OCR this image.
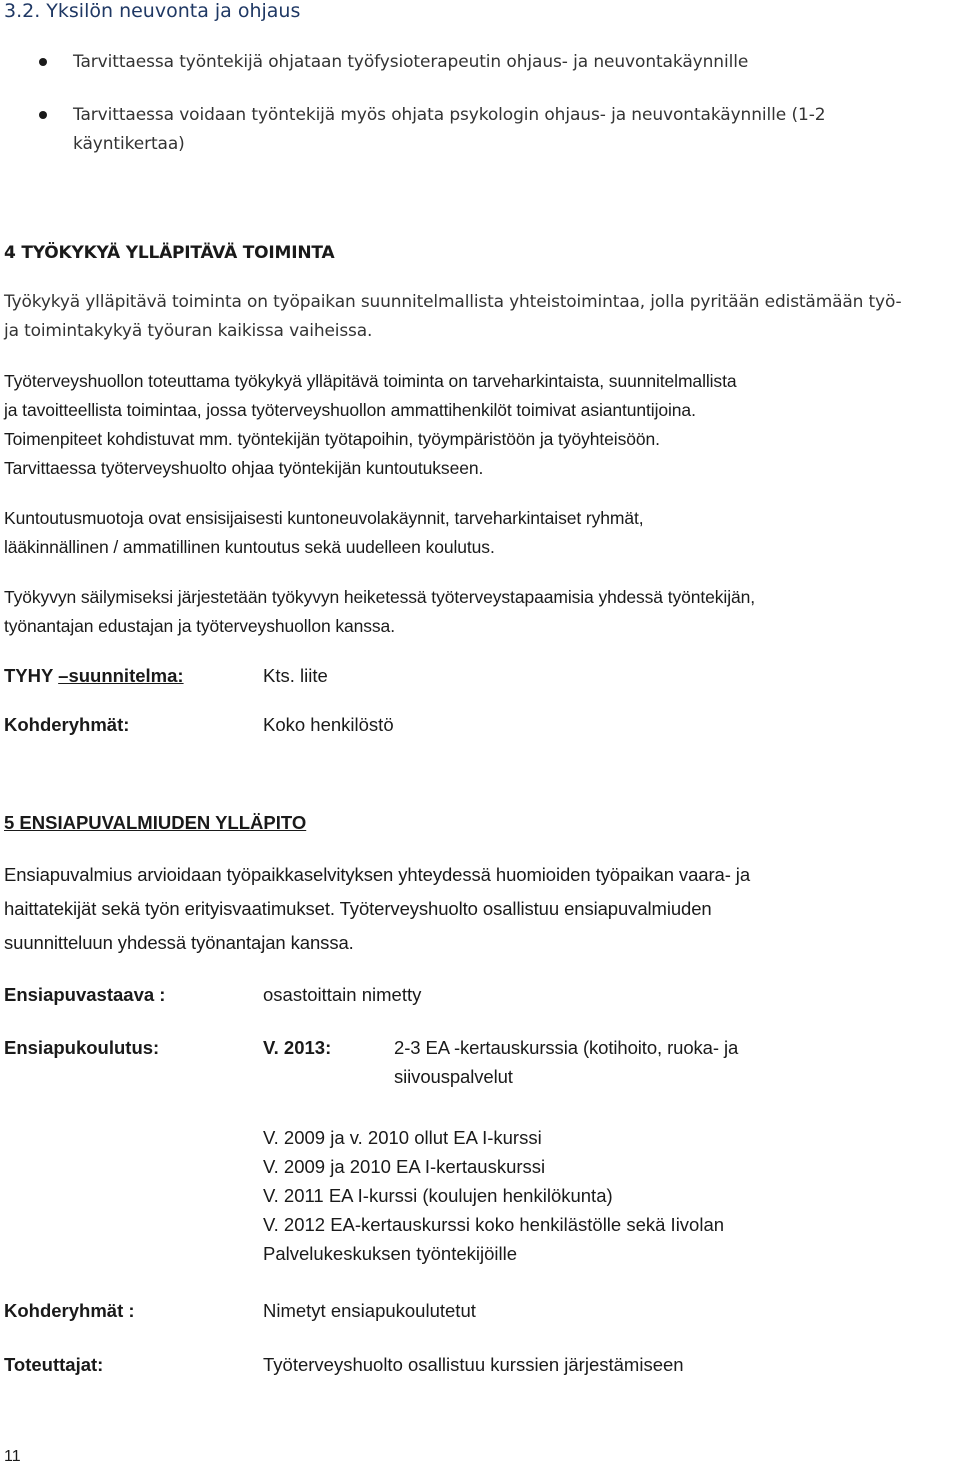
3.2. Yksilön neuvonta ja ohjaus
Tarvittaessa työntekijä ohjataan työfysioterapeutin ohjaus- ja neuvontakäynnille
Tarvittaessa voidaan työntekijä myös ohjata psykologin ohjaus- ja neuvontakäynnille (1-2 käyntikertaa)
4 TYÖKYKYÄ YLLÄPITÄVÄ TOIMINTA
Työkykyä ylläpitävä toiminta on työpaikan suunnitelmallista yhteistoimintaa, jolla pyritään edistämään työ- ja toimintakykyä työuran kaikissa vaiheissa.
Työterveyshuollon toteuttama työkykyä ylläpitävä toiminta on tarveharkintaista, suunnitelmallista
ja tavoitteellista toimintaa, jossa työterveyshuollon ammattihenkilöt toimivat asiantuntijoina.
Toimenpiteet kohdistuvat mm. työntekijän työtapoihin, työympäristöön ja työyhteisöön.
Tarvittaessa työterveyshuolto ohjaa työntekijän kuntoutukseen.
Kuntoutusmuotoja ovat ensisijaisesti kuntoneuvolakäynnit, tarveharkintaiset ryhmät,
lääkinnällinen / ammatillinen kuntoutus sekä uudelleen koulutus.
Työkyvyn säilymiseksi järjestetään työkyvyn heiketessä työterveystapaamisia yhdessä työntekijän,
työnantajan edustajan ja työterveyshuollon kanssa.
TYHY –suunnitelma:	Kts. liite
Kohderyhmät:	Koko henkilöstö
5 ENSIAPUVALMIUDEN YLLÄPITO
Ensiapuvalmius arvioidaan työpaikkaselvityksen yhteydessä huomioiden työpaikan vaara- ja
haittatekijät sekä työn erityisvaatimukset. Työterveyshuolto osallistuu ensiapuvalmiuden
suunnitteluun yhdessä työnantajan kanssa.
Ensiapuvastaava :	osastoittain nimetty
Ensiapukoulutus:	V. 2013:	2-3 EA -kertauskurssia (kotihoito, ruoka- ja
siivouspalvelut
V. 2009 ja v. 2010 ollut EA I-kurssi
V. 2009 ja 2010 EA I-kertauskurssi
V. 2011 EA I-kurssi (koulujen henkilökunta)
V. 2012 EA-kertauskurssi koko henkilästölle sekä Iivolan
Palvelukeskuksen työntekijöille
Kohderyhmät :	Nimetyt ensiapukoulutetut
Toteuttajat:	Työterveyshuolto osallistuu kurssien järjestämiseen
11
